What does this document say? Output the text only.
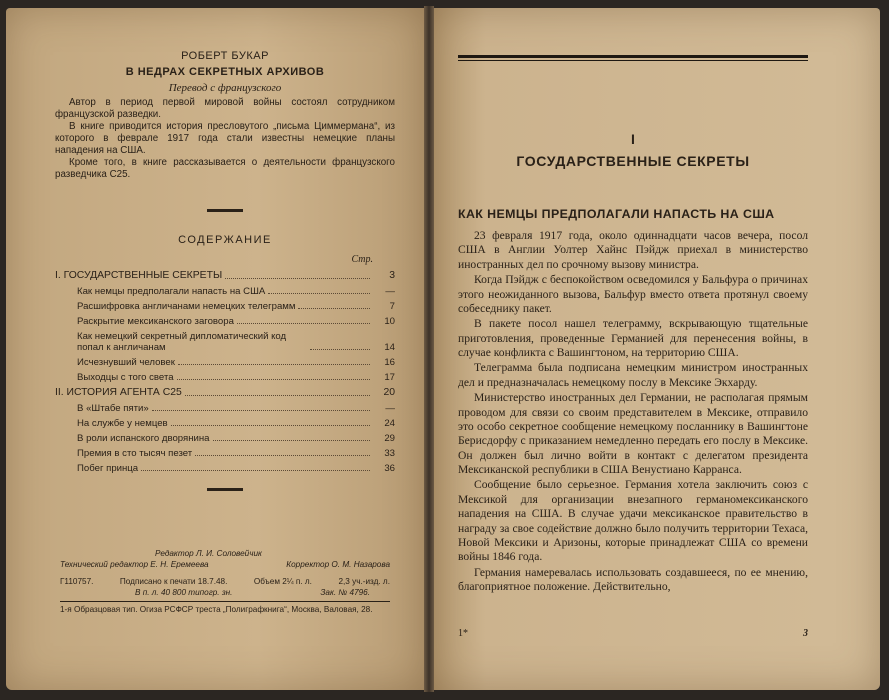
РОБЕРТ БУКАР
В НЕДРАХ СЕКРЕТНЫХ АРХИВОВ
Перевод с французского

Автор в период первой мировой войны состоял сотрудником французской разведки.

В книге приводится история пресловутого „письма Циммермана“, из которого в феврале 1917 года стали известны немецкие планы нападения на США.

Кроме того, в книге рассказывается о деятельности французского разведчика С25.

СОДЕРЖАНИЕ
Стр.
I. ГОСУДАРСТВЕННЫЕ СЕКРЕТЫ	3
Как немцы предполагали напасть на США	—
Расшифровка англичанами немецких телеграмм	7
Раскрытие мексиканского заговора	10
Как немецкий секретный дипломатический код попал к англичанам	14
Исчезнувший человек	16
Выходцы с того света	17
II. ИСТОРИЯ АГЕНТА С25	20
В «Штабе пяти»	—
На службе у немцев	24
В роли испанского дворянина	29
Премия в сто тысяч пезет	33
Побег принца	36
Редактор Л. И. Соловейчик
Технический редактор Е. Н. Еремеева	Корректор О. М. Назарова
Г110757.	Подписано к печати 18.7.48.	Объем 2¼ п. л.	2,3 уч.-изд. л.
В п. л. 40 800 типогр. зн.	Зак. № 4796.
1-я Образцовая тип. Огиза РСФСР треста „Полиграфкнига“, Москва, Валовая, 28.
I
ГОСУДАРСТВЕННЫЕ СЕКРЕТЫ
КАК НЕМЦЫ ПРЕДПОЛАГАЛИ НАПАСТЬ НА США

23 февраля 1917 года, около одиннадцати часов вечера, посол США в Англии Уолтер Хайнс Пэйдж приехал в министерство иностранных дел по срочному вызову министра.

Когда Пэйдж с беспокойством осведомился у Бальфура о причинах этого неожиданного вызова, Бальфур вместо ответа протянул своему собеседнику пакет.

В пакете посол нашел телеграмму, вскрывающую тщательные приготовления, проведенные Германией для перенесения войны, в случае конфликта с Вашингтоном, на территорию США.

Телеграмма была подписана немецким министром иностранных дел и предназначалась немецкому послу в Мексике Экхарду.

Министерство иностранных дел Германии, не располагая прямым проводом для связи со своим представителем в Мексике, отправило это особо секретное сообщение немецкому посланнику в Вашингтоне Берисдорфу с приказанием немедленно передать его послу в Мексике. Он должен был лично войти в контакт с делегатом президента Мексиканской республики в США Венустиано Карранса.

Сообщение было серьезное. Германия хотела заключить союз с Мексикой для организации внезапного германомексиканского нападения на США. В случае удачи мексиканское правительство в награду за свое содействие должно было получить территории Техаса, Новой Мексики и Аризоны, которые принадлежат США со времени войны 1846 года.

Германия намеревалась использовать создавшееся, по ее мнению, благоприятное положение. Действительно,

1*	3
